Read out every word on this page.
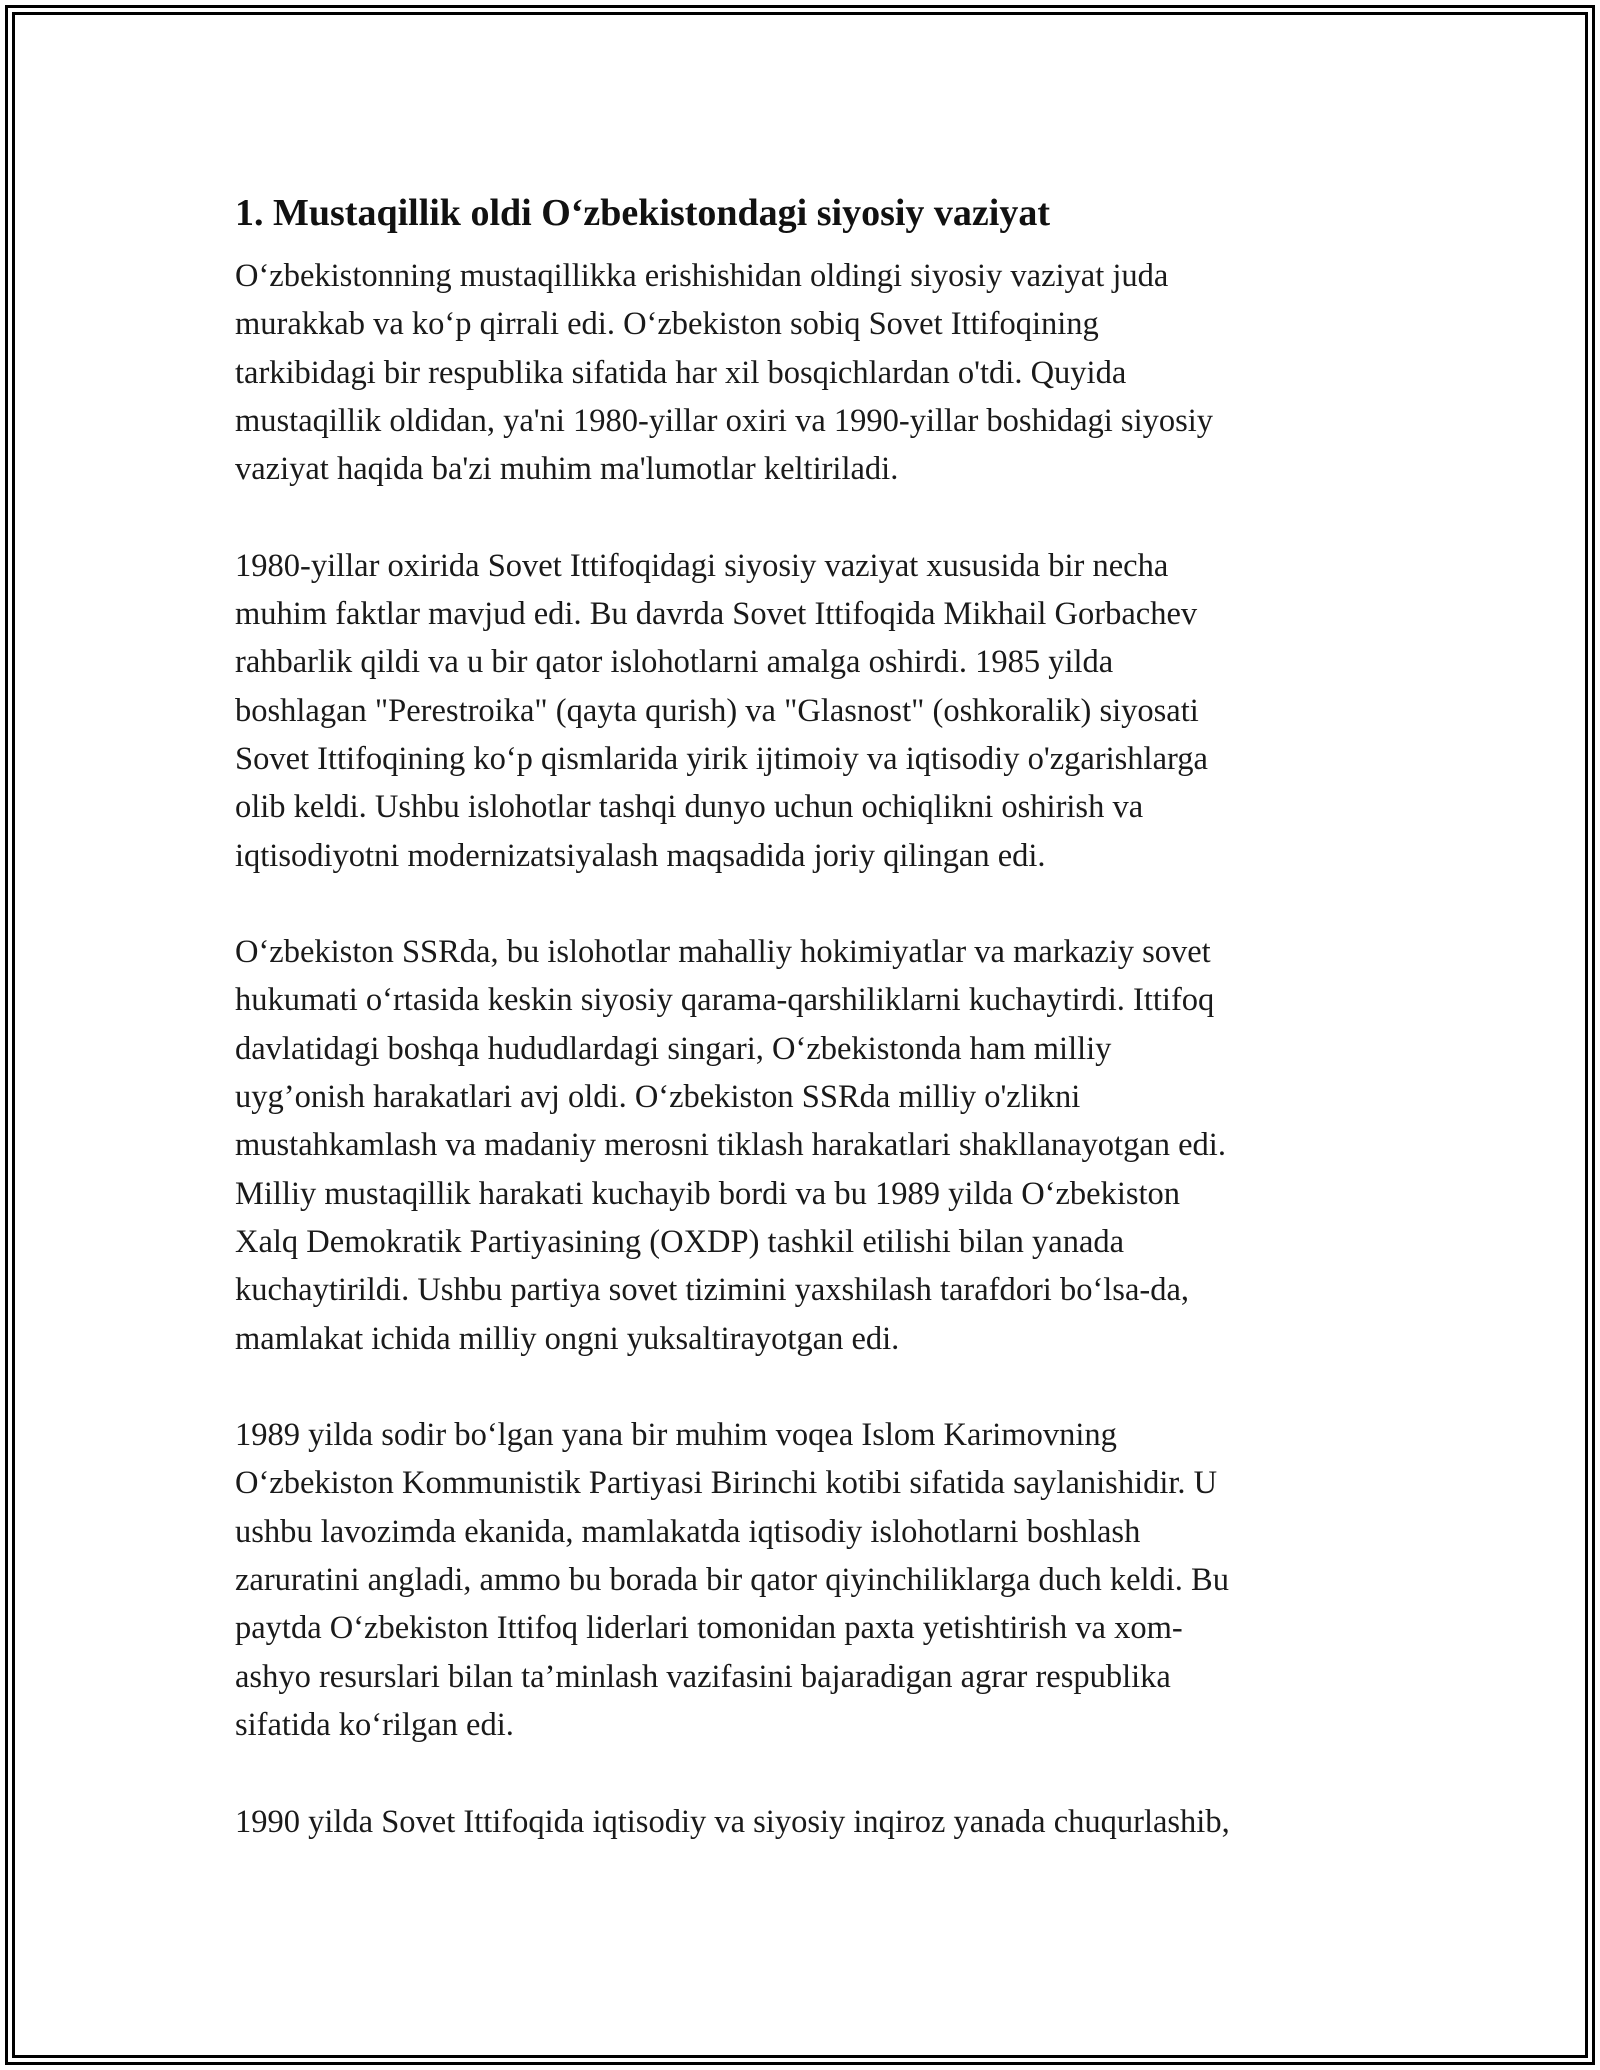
1. Mustaqillik oldi O‘zbekistondagi siyosiy vaziyat

O‘zbekistonning mustaqillikka erishishidan oldingi siyosiy vaziyat juda
murakkab va ko‘p qirrali edi. O‘zbekiston sobiq Sovet Ittifoqining
tarkibidagi bir respublika sifatida har xil bosqichlardan o'tdi. Quyida
mustaqillik oldidan, ya'ni 1980-yillar oxiri va 1990-yillar boshidagi siyosiy
vaziyat haqida ba'zi muhim ma'lumotlar keltiriladi.

1980-yillar oxirida Sovet Ittifoqidagi siyosiy vaziyat xususida bir necha
muhim faktlar mavjud edi. Bu davrda Sovet Ittifoqida Mikhail Gorbachev
rahbarlik qildi va u bir qator islohotlarni amalga oshirdi. 1985 yilda
boshlagan "Perestroika" (qayta qurish) va "Glasnost" (oshkoralik) siyosati
Sovet Ittifoqining ko‘p qismlarida yirik ijtimoiy va iqtisodiy o'zgarishlarga
olib keldi. Ushbu islohotlar tashqi dunyo uchun ochiqlikni oshirish va
iqtisodiyotni modernizatsiyalash maqsadida joriy qilingan edi.

O‘zbekiston SSRda, bu islohotlar mahalliy hokimiyatlar va markaziy sovet
hukumati o‘rtasida keskin siyosiy qarama-qarshiliklarni kuchaytirdi. Ittifoq
davlatidagi boshqa hududlardagi singari, O‘zbekistonda ham milliy
uyg’onish harakatlari avj oldi. O‘zbekiston SSRda milliy o'zlikni
mustahkamlash va madaniy merosni tiklash harakatlari shakllanayotgan edi.
Milliy mustaqillik harakati kuchayib bordi va bu 1989 yilda O‘zbekiston
Xalq Demokratik Partiyasining (OXDP) tashkil etilishi bilan yanada
kuchaytirildi. Ushbu partiya sovet tizimini yaxshilash tarafdori bo‘lsa-da,
mamlakat ichida milliy ongni yuksaltirayotgan edi.

1989 yilda sodir bo‘lgan yana bir muhim voqea Islom Karimovning
O‘zbekiston Kommunistik Partiyasi Birinchi kotibi sifatida saylanishidir. U
ushbu lavozimda ekanida, mamlakatda iqtisodiy islohotlarni boshlash
zaruratini angladi, ammo bu borada bir qator qiyinchiliklarga duch keldi. Bu
paytda O‘zbekiston Ittifoq liderlari tomonidan paxta yetishtirish va xom-
ashyo resurslari bilan ta’minlash vazifasini bajaradigan agrar respublika
sifatida ko‘rilgan edi.

1990 yilda Sovet Ittifoqida iqtisodiy va siyosiy inqiroz yanada chuqurlashib,
